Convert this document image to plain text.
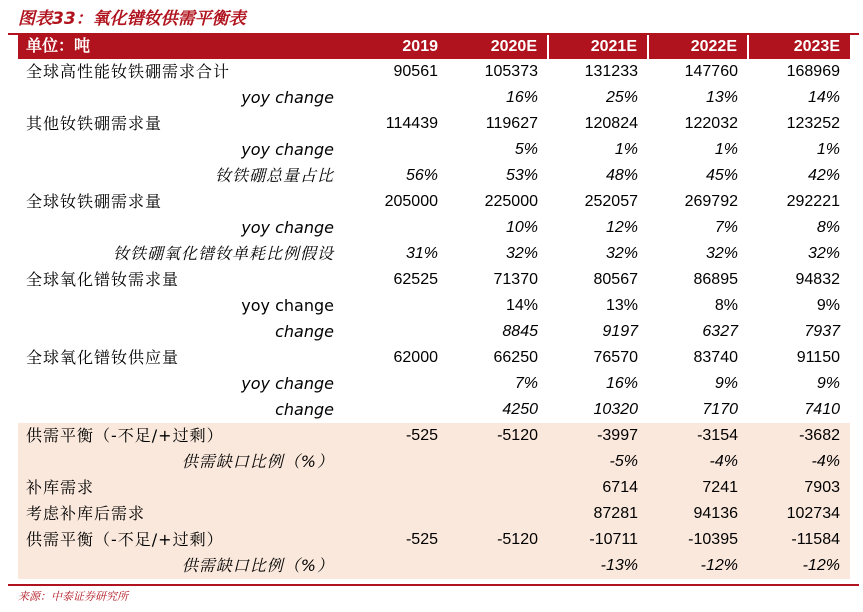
图表33：氧化镨钕供需平衡表
单位：吨	2019	2020E	2021E	2022E	2023E
全球高性能钕铁硼需求合计	90561	105373	131233	147760	168969
yoy change		16%	25%	13%	14%
其他钕铁硼需求量	114439	119627	120824	122032	123252
yoy change		5%	1%	1%	1%
钕铁硼总量占比	56%	53%	48%	45%	42%
全球钕铁硼需求量	205000	225000	252057	269792	292221
yoy change		10%	12%	7%	8%
钕铁硼氧化镨钕单耗比例假设	31%	32%	32%	32%	32%
全球氧化镨钕需求量	62525	71370	80567	86895	94832
yoy change		14%	13%	8%	9%
change		8845	9197	6327	7937
全球氧化镨钕供应量	62000	66250	76570	83740	91150
yoy change		7%	16%	9%	9%
change		4250	10320	7170	7410
供需平衡（-不足/+过剩）	-525	-5120	-3997	-3154	-3682
供需缺口比例（%）			-5%	-4%	-4%
补库需求			6714	7241	7903
考虑补库后需求			87281	94136	102734
供需平衡（-不足/+过剩）	-525	-5120	-10711	-10395	-11584
供需缺口比例（%）			-13%	-12%	-12%
来源：中泰证券研究所
